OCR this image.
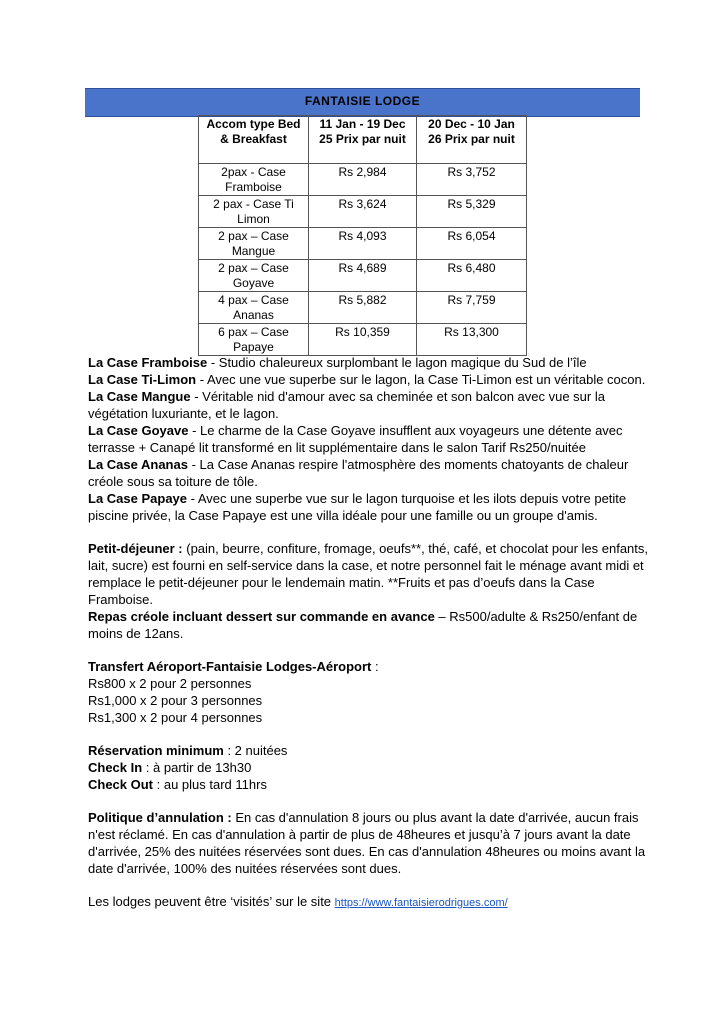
FANTAISIE LODGE
Accom type Bed & Breakfast	11 Jan - 19 Dec 25 Prix par nuit	20 Dec - 10 Jan 26 Prix par nuit
2pax - Case Framboise	Rs 2,984	Rs 3,752
2 pax - Case Ti Limon	Rs 3,624	Rs 5,329
2 pax – Case Mangue	Rs 4,093	Rs 6,054
2 pax – Case Goyave	Rs 4,689	Rs 6,480
4 pax – Case Ananas	Rs 5,882	Rs 7,759
6 pax – Case Papaye	Rs 10,359	Rs 13,300

La Case Framboise - Studio chaleureux surplombant le lagon magique du Sud de l’île

La Case Ti-Limon - Avec une vue superbe sur le lagon, la Case Ti-Limon est un véritable cocon.

La Case Mangue - Véritable nid d'amour avec sa cheminée et son balcon avec vue sur la végétation luxuriante, et le lagon.

La Case Goyave - Le charme de la Case Goyave insufflent aux voyageurs une détente avec terrasse + Canapé lit transformé en lit supplémentaire dans le salon Tarif Rs250/nuitée

La Case Ananas - La Case Ananas respire l'atmosphère des moments chatoyants de chaleur créole sous sa toiture de tôle.

La Case Papaye - Avec une superbe vue sur le lagon turquoise et les ilots depuis votre petite piscine privée, la Case Papaye est une villa idéale pour une famille ou un groupe d'amis.

Petit-déjeuner : (pain, beurre, confiture, fromage, oeufs**, thé, café, et chocolat pour les enfants, lait, sucre) est fourni en self-service dans la case, et notre personnel fait le ménage avant midi et remplace le petit-déjeuner pour le lendemain matin. **Fruits et pas d’oeufs dans la Case Framboise.

Repas créole incluant dessert sur commande en avance – Rs500/adulte & Rs250/enfant de moins de 12ans.

Transfert Aéroport-Fantaisie Lodges-Aéroport :

Rs800 x 2 pour 2 personnes

Rs1,000 x 2 pour 3 personnes

Rs1,300 x 2 pour 4 personnes

Réservation minimum : 2 nuitées

Check In : à partir de 13h30

Check Out : au plus tard 11hrs

Politique d’annulation : En cas d'annulation 8 jours ou plus avant la date d'arrivée, aucun frais n'est réclamé. En cas d'annulation à partir de plus de 48heures et jusqu’à 7 jours avant la date d'arrivée, 25% des nuitées réservées sont dues. En cas d'annulation 48heures ou moins avant la date d'arrivée, 100% des nuitées réservées sont dues.

Les lodges peuvent être ‘visités’ sur le site https://www.fantaisierodrigues.com/
